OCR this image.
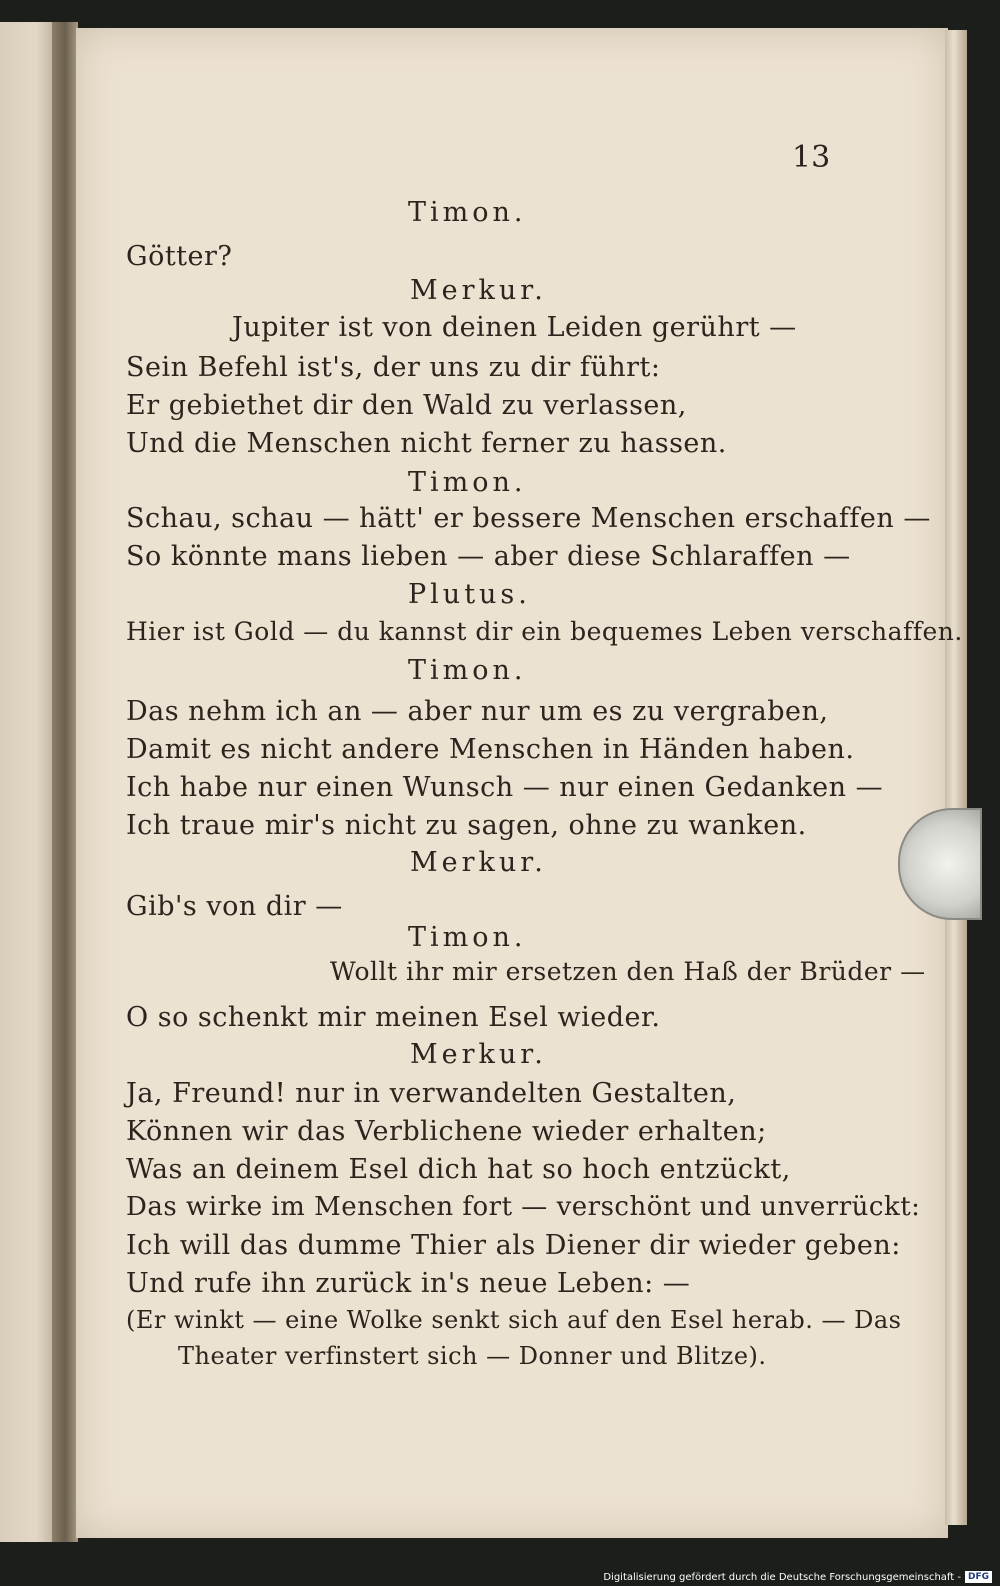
13
Timon.
Götter?
Merkur.
Jupiter ist von deinen Leiden gerührt —
Sein Befehl ist's, der uns zu dir führt:
Er gebiethet dir den Wald zu verlassen,
Und die Menschen nicht ferner zu hassen.
Timon.
Schau, schau — hätt' er bessere Menschen erschaffen —
So könnte mans lieben — aber diese Schlaraffen —
Plutus.
Hier ist Gold — du kannst dir ein bequemes Leben verschaffen.
Timon.
Das nehm ich an — aber nur um es zu vergraben,
Damit es nicht andere Menschen in Händen haben.
Ich habe nur einen Wunsch — nur einen Gedanken —
Ich traue mir's nicht zu sagen, ohne zu wanken.
Merkur.
Gib's von dir —
Timon.
Wollt ihr mir ersetzen den Haß der Brüder —
O so schenkt mir meinen Esel wieder.
Merkur.
Ja, Freund! nur in verwandelten Gestalten,
Können wir das Verblichene wieder erhalten;
Was an deinem Esel dich hat so hoch entzückt,
Das wirke im Menschen fort — verschönt und unverrückt:
Ich will das dumme Thier als Diener dir wieder geben:
Und rufe ihn zurück in's neue Leben: —
(Er winkt — eine Wolke senkt sich auf den Esel herab. — Das
Theater verfinstert sich — Donner und Blitze).
Digitalisierung gefördert durch die Deutsche Forschungsgemeinschaft - DFG
